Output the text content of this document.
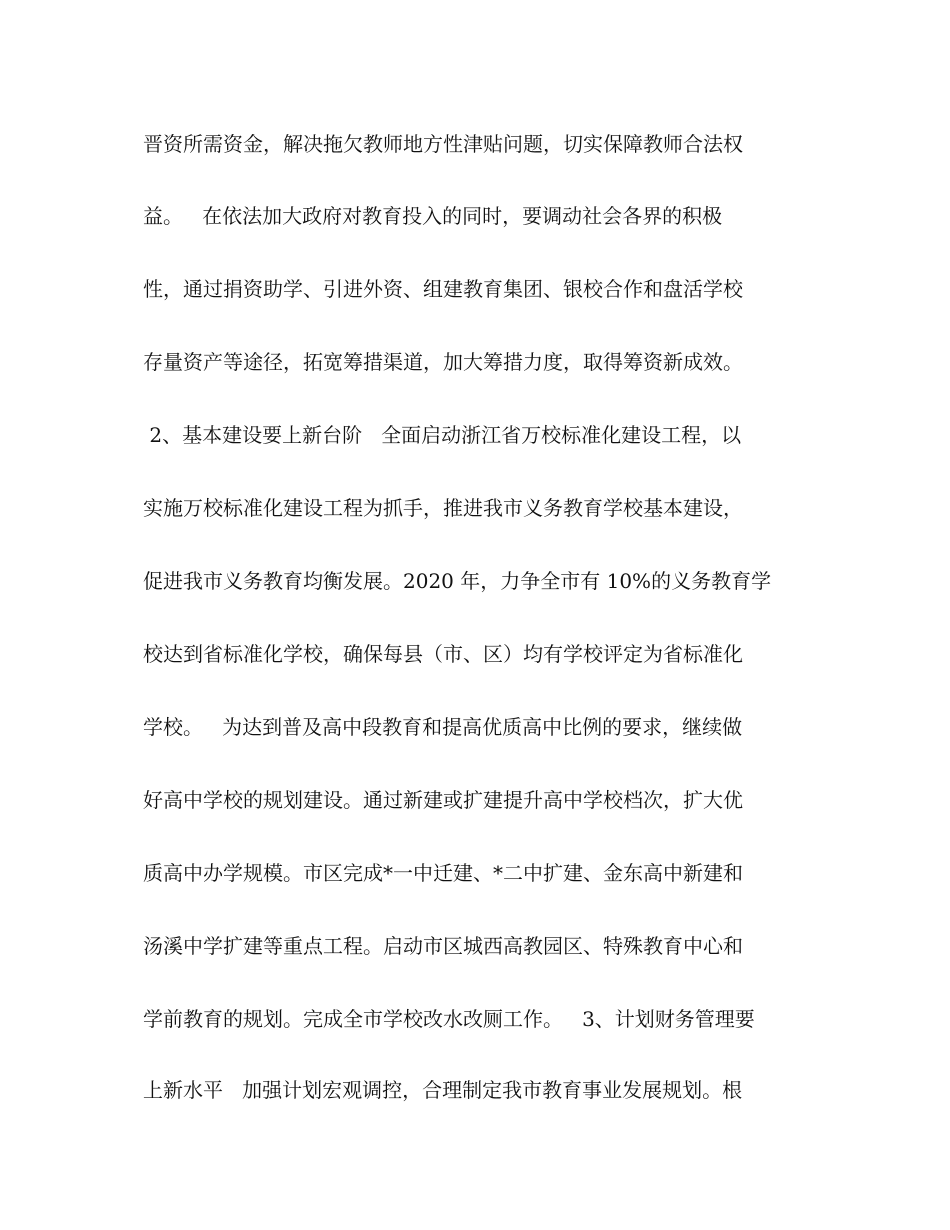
晋资所需资金，解决拖欠教师地方性津贴问题，切实保障教师合法权
益。   在依法加大政府对教育投入的同时，要调动社会各界的积极
性，通过捐资助学、引进外资、组建教育集团、银校合作和盘活学校
存量资产等途径，拓宽筹措渠道，加大筹措力度，取得筹资新成效。
2、基本建设要上新台阶   全面启动浙江省万校标准化建设工程，以
实施万校标准化建设工程为抓手，推进我市义务教育学校基本建设，
促进我市义务教育均衡发展。2020 年，力争全市有 10%的义务教育学
校达到省标准化学校，确保每县（市、区）均有学校评定为省标准化
学校。   为达到普及高中段教育和提高优质高中比例的要求，继续做
好高中学校的规划建设。通过新建或扩建提升高中学校档次，扩大优
质高中办学规模。市区完成*一中迁建、*二中扩建、金东高中新建和
汤溪中学扩建等重点工程。启动市区城西高教园区、特殊教育中心和
学前教育的规划。完成全市学校改水改厕工作。   3、计划财务管理要
上新水平   加强计划宏观调控，合理制定我市教育事业发展规划。根
